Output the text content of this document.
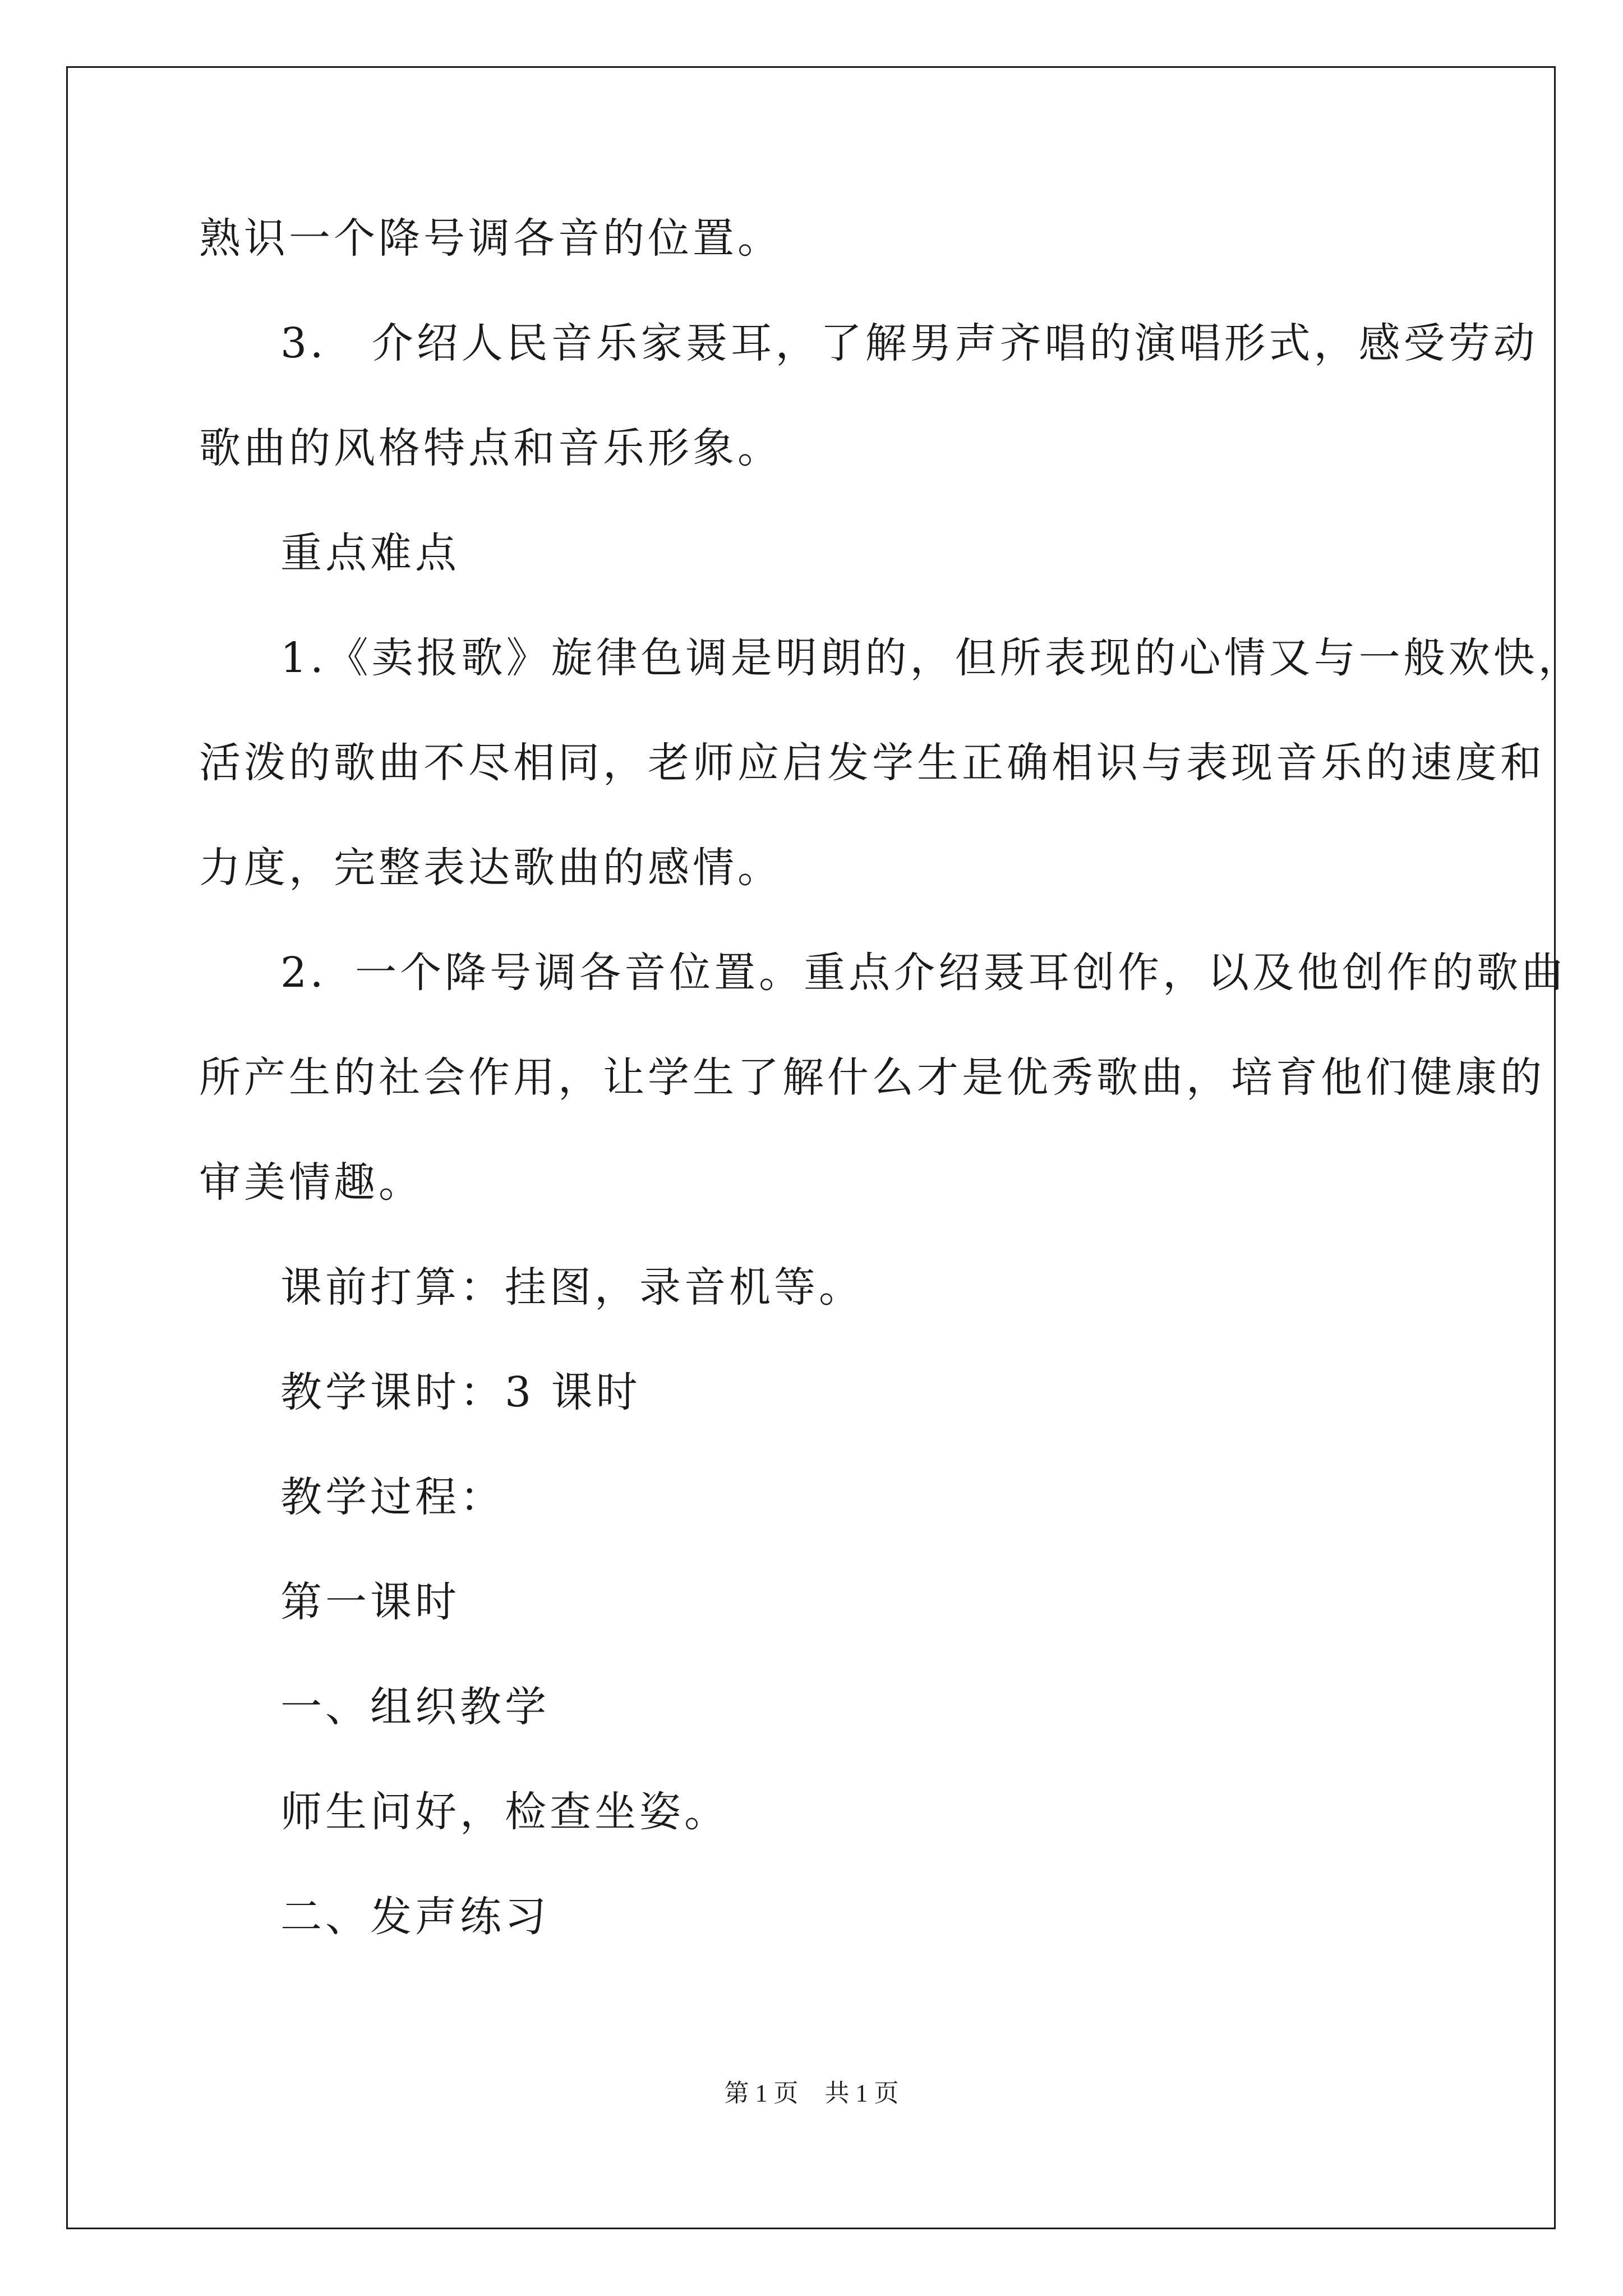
熟识一个降号调各音的位置。
3． 介绍人民音乐家聂耳，了解男声齐唱的演唱形式，感受劳动
歌曲的风格特点和音乐形象。
重点难点
1.《卖报歌》旋律色调是明朗的，但所表现的心情又与一般欢快，
活泼的歌曲不尽相同，老师应启发学生正确相识与表现音乐的速度和
力度，完整表达歌曲的感情。
2．一个降号调各音位置。重点介绍聂耳创作，以及他创作的歌曲
所产生的社会作用，让学生了解什么才是优秀歌曲，培育他们健康的
审美情趣。
课前打算：挂图，录音机等。
教学课时：3 课时
教学过程：
第一课时
一、组织教学
师生问好，检查坐姿。
二、发声练习
第 1 页 共 1 页
